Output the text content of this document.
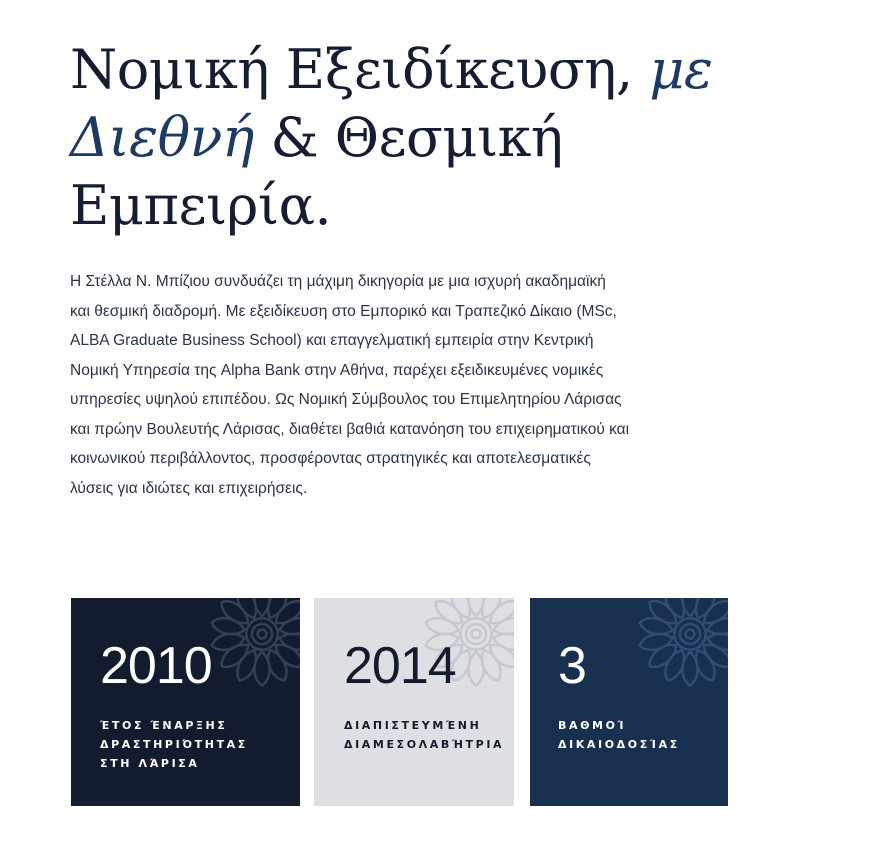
Νομική Εξειδίκευση, με Διεθνή & Θεσμική Εμπειρία.

Η Στέλλα Ν. Μπίζιου συνδυάζει τη μάχιμη δικηγορία με μια ισχυρή ακαδημαϊκή και θεσμική διαδρομή. Με εξειδίκευση στο Εμπορικό και Τραπεζικό Δίκαιο (MSc, ALBA Graduate Business School) και επαγγελματική εμπειρία στην Κεντρική Νομική Υπηρεσία της Alpha Bank στην Αθήνα, παρέχει εξειδικευμένες νομικές υπηρεσίες υψηλού επιπέδου. Ως Νομική Σύμβουλος του Επιμελητηρίου Λάρισας και πρώην Βουλευτής Λάρισας, διαθέτει βαθιά κατανόηση του επιχειρηματικού και κοινωνικού περιβάλλοντος, προσφέροντας στρατηγικές και αποτελεσματικές λύσεις για ιδιώτες και επιχειρήσεις.

2010
ΈΤΟΣ ΈΝΑΡΞΗΣ ΔΡΑΣΤΗΡΙΌΤΗΤΑΣ ΣΤΗ ΛΆΡΙΣΑ
2014
ΔΙΑΠΙΣΤΕΥΜΈΝΗ ΔΙΑΜΕΣΟΛΑΒΉΤΡΙΑ
3
ΒΑΘΜΟΊ ΔΙΚΑΙΟΔΟΣΊΑΣ
